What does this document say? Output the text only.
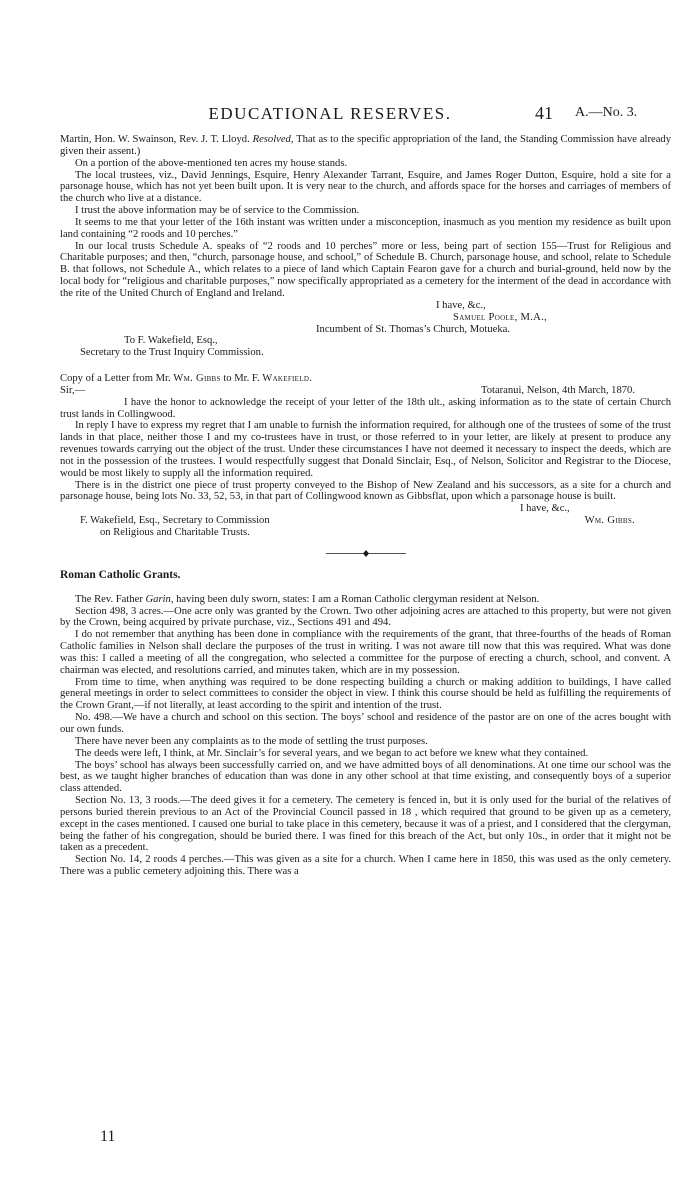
EDUCATIONAL RESERVES.	41 A.—No. 3.

Martin, Hon. W. Swainson, Rev. J. T. Lloyd. Resolved, That as to the specific appropriation of the land, the Standing Commission have already given their assent.)

On a portion of the above-mentioned ten acres my house stands.

The local trustees, viz., David Jennings, Esquire, Henry Alexander Tarrant, Esquire, and James Roger Dutton, Esquire, hold a site for a parsonage house, which has not yet been built upon. It is very near to the church, and affords space for the horses and carriages of members of the church who live at a distance.

I trust the above information may be of service to the Commission.

It seems to me that your letter of the 16th instant was written under a misconception, inasmuch as you mention my residence as built upon land containing “2 roods and 10 perches.”

In our local trusts Schedule A. speaks of “2 roods and 10 perches” more or less, being part of section 155—Trust for Religious and Charitable purposes; and then, “church, parsonage house, and school,” of Schedule B. Church, parsonage house, and school, relate to Schedule B. that follows, not Schedule A., which relates to a piece of land which Captain Fearon gave for a church and burial-ground, held now by the local body for “religious and charitable purposes,” now specifically appropriated as a cemetery for the interment of the dead in accordance with the rite of the United Church of England and Ireland.

I have, &c.,

Samuel Poole, M.A.,

Incumbent of St. Thomas’s Church, Motueka.

To F. Wakefield, Esq.,

Secretary to the Trust Inquiry Commission.

Copy of a Letter from Mr. Wm. Gibbs to Mr. F. Wakefield.

Sir,—	Totaranui, Nelson, 4th March, 1870.

I have the honor to acknowledge the receipt of your letter of the 18th ult., asking information as to the state of certain Church trust lands in Collingwood.

In reply I have to express my regret that I am unable to furnish the information required, for although one of the trustees of some of the trust lands in that place, neither those I and my co-trustees have in trust, or those referred to in your letter, are likely at present to produce any revenues towards carrying out the object of the trust. Under these circumstances I have not deemed it necessary to inspect the deeds, which are not in the possession of the trustees. I would respectfully suggest that Donald Sinclair, Esq., of Nelson, Solicitor and Registrar to the Diocese, would be most likely to supply all the information required.

There is in the district one piece of trust property conveyed to the Bishop of New Zealand and his successors, as a site for a church and parsonage house, being lots No. 33, 52, 53, in that part of Collingwood known as Gibbsflat, upon which a parsonage house is built.

I have, &c.,

F. Wakefield, Esq., Secretary to Commission	Wm. Gibbs.

on Religious and Charitable Trusts.

Roman Catholic Grants.

The Rev. Father Garin, having been duly sworn, states: I am a Roman Catholic clergyman resident at Nelson.

Section 498, 3 acres.—One acre only was granted by the Crown. Two other adjoining acres are attached to this property, but were not given by the Crown, being acquired by private purchase, viz., Sections 491 and 494.

I do not remember that anything has been done in compliance with the requirements of the grant, that three-fourths of the heads of Roman Catholic families in Nelson shall declare the purposes of the trust in writing. I was not aware till now that this was required. What was done was this: I called a meeting of all the congregation, who selected a committee for the purpose of erecting a church, school, and convent. A chairman was elected, and resolutions carried, and minutes taken, which are in my possession.

From time to time, when anything was required to be done respecting building a church or making addition to buildings, I have called general meetings in order to select committees to consider the object in view. I think this course should be held as fulfilling the requirements of the Crown Grant,—if not literally, at least according to the spirit and intention of the trust.

No. 498.—We have a church and school on this section. The boys’ school and residence of the pastor are on one of the acres bought with our own funds.

There have never been any complaints as to the mode of settling the trust purposes.

The deeds were left, I think, at Mr. Sinclair’s for several years, and we began to act before we knew what they contained.

The boys’ school has always been successfully carried on, and we have admitted boys of all denominations. At one time our school was the best, as we taught higher branches of education than was done in any other school at that time existing, and consequently boys of a superior class attended.

Section No. 13, 3 roods.—The deed gives it for a cemetery. The cemetery is fenced in, but it is only used for the burial of the relatives of persons buried therein previous to an Act of the Provincial Council passed in 18 , which required that ground to be given up as a cemetery, except in the cases mentioned. I caused one burial to take place in this cemetery, because it was of a priest, and I considered that the clergyman, being the father of his congregation, should be buried there. I was fined for this breach of the Act, but only 10s., in order that it might not be taken as a precedent.

Section No. 14, 2 roods 4 perches.—This was given as a site for a church. When I came here in 1850, this was used as the only cemetery. There was a public cemetery adjoining this. There was a

11
